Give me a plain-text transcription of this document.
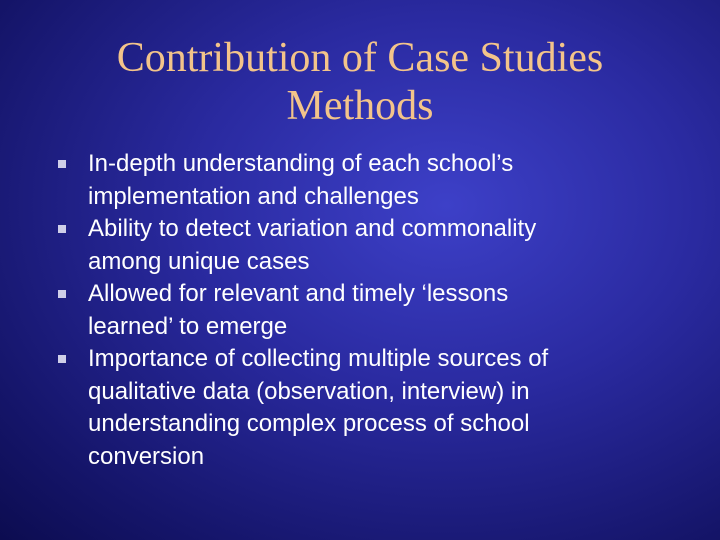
Contribution of Case Studies
Methods
In-depth understanding of each school’s
implementation and challenges
Ability to detect variation and commonality
among unique cases
Allowed for relevant and timely ‘lessons
learned’ to emerge
Importance of collecting multiple sources of
qualitative data (observation, interview) in
understanding complex process of school
conversion
